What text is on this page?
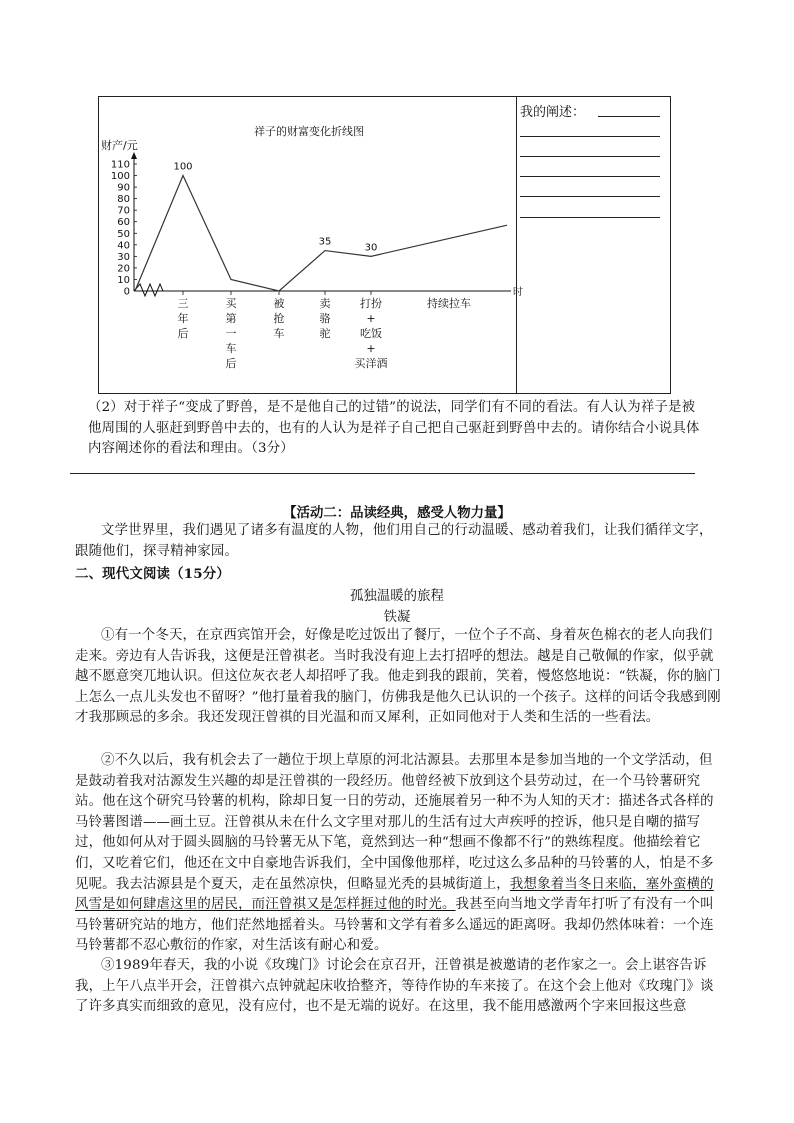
祥子的财富变化折线图
财产/元
时
0
10
20
30
40
50
60
70
80
90
100
110
三
年
后
买
第
一
车
后
被
抢
车
卖
骆
驼
打扮
+
吃饭
+
买洋酒
持续拉车
100
35
30
我的阐述：
（2）对于祥子“变成了野兽，是不是他自己的过错”的说法，同学们有不同的看法。有人认为祥子是被他周围的人驱赶到野兽中去的，也有的人认为是祥子自己把自己驱赶到野兽中去的。请你结合小说具体内容阐述你的看法和理由。（3分）
【活动二：品读经典，感受人物力量】
文学世界里，我们遇见了诸多有温度的人物，他们用自己的行动温暖、感动着我们，让我们循徉文字，跟随他们，探寻精神家园。
二、现代文阅读（15分）
孤独温暖的旅程
铁凝
①有一个冬天，在京西宾馆开会，好像是吃过饭出了餐厅，一位个子不高、身着灰色棉衣的老人向我们走来。旁边有人告诉我，这便是汪曾祺老。当时我没有迎上去打招呼的想法。越是自己敬佩的作家，似乎就越不愿意突兀地认识。但这位灰衣老人却招呼了我。他走到我的跟前，笑着，慢悠悠地说：“铁凝，你的脑门上怎么一点儿头发也不留呀？”他打量着我的脑门，仿佛我是他久已认识的一个孩子。这样的问话令我感到刚才我那顾忌的多余。我还发现汪曾祺的目光温和而又犀利，正如同他对于人类和生活的一些看法。
②不久以后，我有机会去了一趟位于坝上草原的河北沽源县。去那里本是参加当地的一个文学活动，但是鼓动着我对沽源发生兴趣的却是汪曾祺的一段经历。他曾经被下放到这个县劳动过，在一个马铃薯研究站。他在这个研究马铃薯的机构，除却日复一日的劳动，还施展着另一种不为人知的天才：描述各式各样的马铃薯图谱——画土豆。汪曾祺从未在什么文字里对那儿的生活有过大声疾呼的控诉，他只是自嘲的描写过，他如何从对于圆头圆脑的马铃薯无从下笔，竟然到达一种“想画不像都不行”的熟练程度。他描绘着它们，又吃着它们，他还在文中自豪地告诉我们，全中国像他那样，吃过这么多品种的马铃薯的人，怕是不多见呢。我去沽源县是个夏天，走在虽然凉快，但略显光秃的县城街道上，我想象着当冬日来临，塞外蛮横的风雪是如何肆虐这里的居民，而汪曾祺又是怎样捱过他的时光。我甚至向当地文学青年打听了有没有一个叫马铃薯研究站的地方，他们茫然地摇着头。马铃薯和文学有着多么遥远的距离呀。我却仍然体味着：一个连马铃薯都不忍心敷衍的作家，对生活该有耐心和爱。
③1989年春天，我的小说《玫瑰门》讨论会在京召开，汪曾祺是被邀请的老作家之一。会上谌容告诉我，上午八点半开会，汪曾祺六点钟就起床收拾整齐，等待作协的车来接了。在这个会上他对《玫瑰门》谈了许多真实而细致的意见，没有应付，也不是无端的说好。在这里，我不能用感激两个字来回报这些意
